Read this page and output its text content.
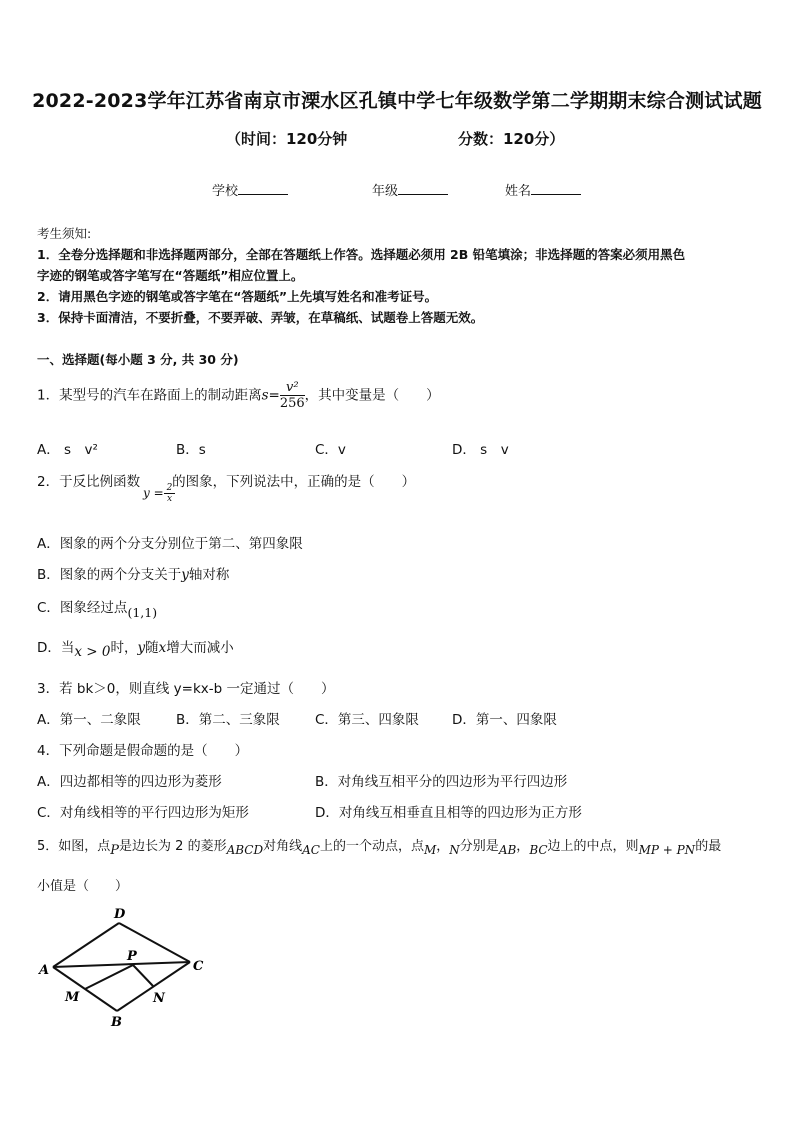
2022-2023学年江苏省南京市溧水区孔镇中学七年级数学第二学期期末综合测试试题
（时间：120分钟	分数：120分）
学校	年级	姓名
考生须知:
1．全卷分选择题和非选择题两部分，全部在答题纸上作答。选择题必须用 2B 铅笔填涂；非选择题的答案必须用黑色
字迹的钢笔或答字笔写在“答题纸”相应位置上。
2．请用黑色字迹的钢笔或答字笔在“答题纸”上先填写姓名和准考证号。
3．保持卡面清洁，不要折叠，不要弄破、弄皱，在草稿纸、试题卷上答题无效。
一、选择题(每小题 3 分, 共 30 分)
1．某型号的汽车在路面上的制动距离$s= \frac{\text{v²}}{256}$ ，其中变量是（　　）
A． s　v²	B．s	C．v	D． s　v
2．于反比例函数 的图象，下列说法中，正确的是（　　）
$y = \frac{2}{x}$
A．图象的两个分支分别位于第二、第四象限
B．图象的两个分支关于y轴对称
C．图象经过点(1,1)
D．当x > 0时，y随x增大而减小
3．若 bk＞0，则直线 y=kx-b 一定通过（　　）
A．第一、二象限	B．第二、三象限	C．第三、四象限 D．第一、四象限
4．下列命题是假命题的是（　　）
A．四边都相等的四边形为菱形	B．对角线互相平分的四边形为平行四边形
C．对角线相等的平行四边形为矩形	D．对角线互相垂直且相等的四边形为正方形
5．如图，点P是边长为 2 的菱形ABCD对角线AC上的一个动点，点M，N分别是AB，BC边上的中点，则MP + PN的最
小值是（　　）
D
A
P
C
M	N
B
